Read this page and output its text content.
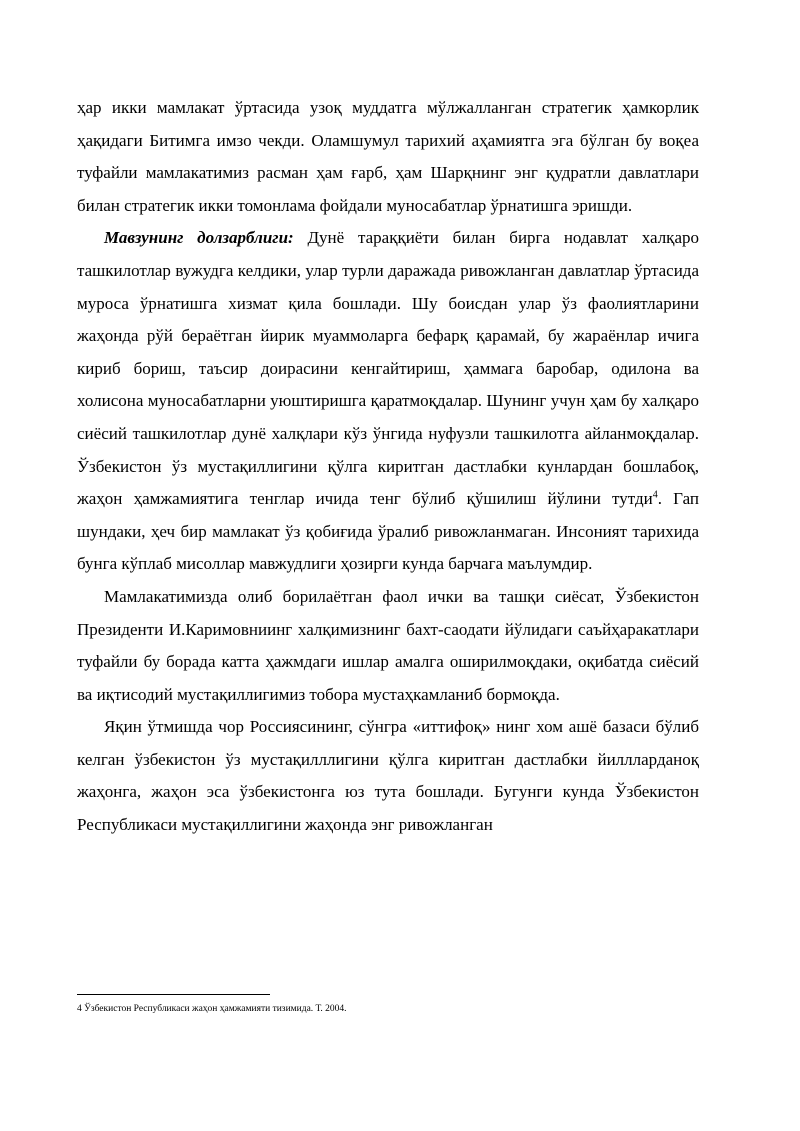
ҳар икки мамлакат ўртасида узоқ муддатга мўлжалланган стратегик ҳамкорлик ҳақидаги Битимга имзо чекди. Оламшумул тарихий аҳамиятга эга бўлган бу воқеа туфайли мамлакатимиз расман ҳам ғарб, ҳам Шарқнинг энг қудратли давлатлари билан стратегик икки томонлама фойдали муносабатлар ўрнатишга эришди.

Мавзунинг долзарблиги: Дунё тараққиёти билан бирга нодавлат халқаро ташкилотлар вужудга келдики, улар турли даражада ривожланган давлатлар ўртасида муроса ўрнатишга хизмат қила бошлади. Шу боисдан улар ўз фаолиятларини жаҳонда рўй бераётган йирик муаммоларга бефарқ қарамай, бу жараёнлар ичига кириб бориш, таъсир доирасини кенгайтириш, ҳаммага баробар, одилона ва холисона муносабатларни уюштиришга қаратмоқдалар. Шунинг учун ҳам бу халқаро сиёсий ташкилотлар дунё халқлари кўз ўнгида нуфузли ташкилотга айланмоқдалар. Ўзбекистон ўз мустақиллигини қўлга киритган дастлабки кунлардан бошлабоқ, жаҳон ҳамжамиятига тенглар ичида тенг бўлиб қўшилиш йўлини тутди$^4$. Гап шундаки, ҳеч бир мамлакат ўз қобиғида ўралиб ривожланмаган. Инсоният тарихида бунга кўплаб мисоллар мавжудлиги ҳозирги кунда барчага маълумдир.

Мамлакатимизда олиб борилаётган фаол ички ва ташқи сиёсат, Ўзбекистон Президенти И.Каримовниинг халқимизнинг бахт-саодати йўлидаги саъйҳаракатлари туфайли бу борада катта ҳажмдаги ишлар амалга оширилмоқдаки, оқибатда сиёсий ва иқтисодий мустақиллигимиз тобора мустаҳкамланиб бормоқда.

Яқин ўтмишда чор Россиясининг, сўнгра «иттифоқ» нинг хом ашё базаси бўлиб келган ўзбекистон ўз мустақилллигини қўлга киритган дастлабки йиллларданоқ жаҳонга, жаҳон эса ўзбекистонга юз тута бошлади. Бугунги кунда Ўзбекистон Республикаси мустақиллигини жаҳонда энг ривожланган

4 Ўзбекистон Республикаси жаҳон ҳамжамияти тизимида. Т. 2004.
